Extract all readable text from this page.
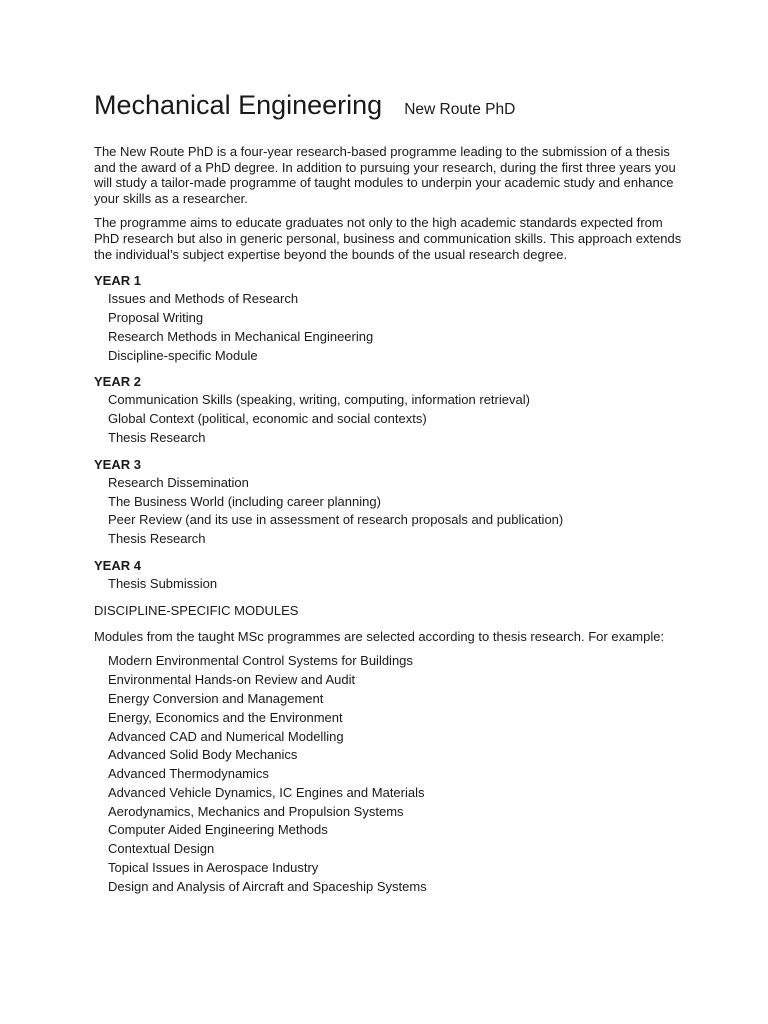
Mechanical Engineering New Route PhD

The New Route PhD is a four-year research-based programme leading to the submission of a thesis and the award of a PhD degree. In addition to pursuing your research, during the first three years you will study a tailor-made programme of taught modules to underpin your academic study and enhance your skills as a researcher.

The programme aims to educate graduates not only to the high academic standards expected from PhD research but also in generic personal, business and communication skills. This approach extends the individual’s subject expertise beyond the bounds of the usual research degree.

YEAR 1
Issues and Methods of Research
Proposal Writing
Research Methods in Mechanical Engineering
Discipline-specific Module
YEAR 2
Communication Skills (speaking, writing, computing, information retrieval)
Global Context (political, economic and social contexts)
Thesis Research
YEAR 3
Research Dissemination
The Business World (including career planning)
Peer Review (and its use in assessment of research proposals and publication)
Thesis Research
YEAR 4
Thesis Submission
DISCIPLINE-SPECIFIC MODULES

Modules from the taught MSc programmes are selected according to thesis research. For example:

Modern Environmental Control Systems for Buildings
Environmental Hands-on Review and Audit
Energy Conversion and Management
Energy, Economics and the Environment
Advanced CAD and Numerical Modelling
Advanced Solid Body Mechanics
Advanced Thermodynamics
Advanced Vehicle Dynamics, IC Engines and Materials
Aerodynamics, Mechanics and Propulsion Systems
Computer Aided Engineering Methods
Contextual Design
Topical Issues in Aerospace Industry
Design and Analysis of Aircraft and Spaceship Systems
